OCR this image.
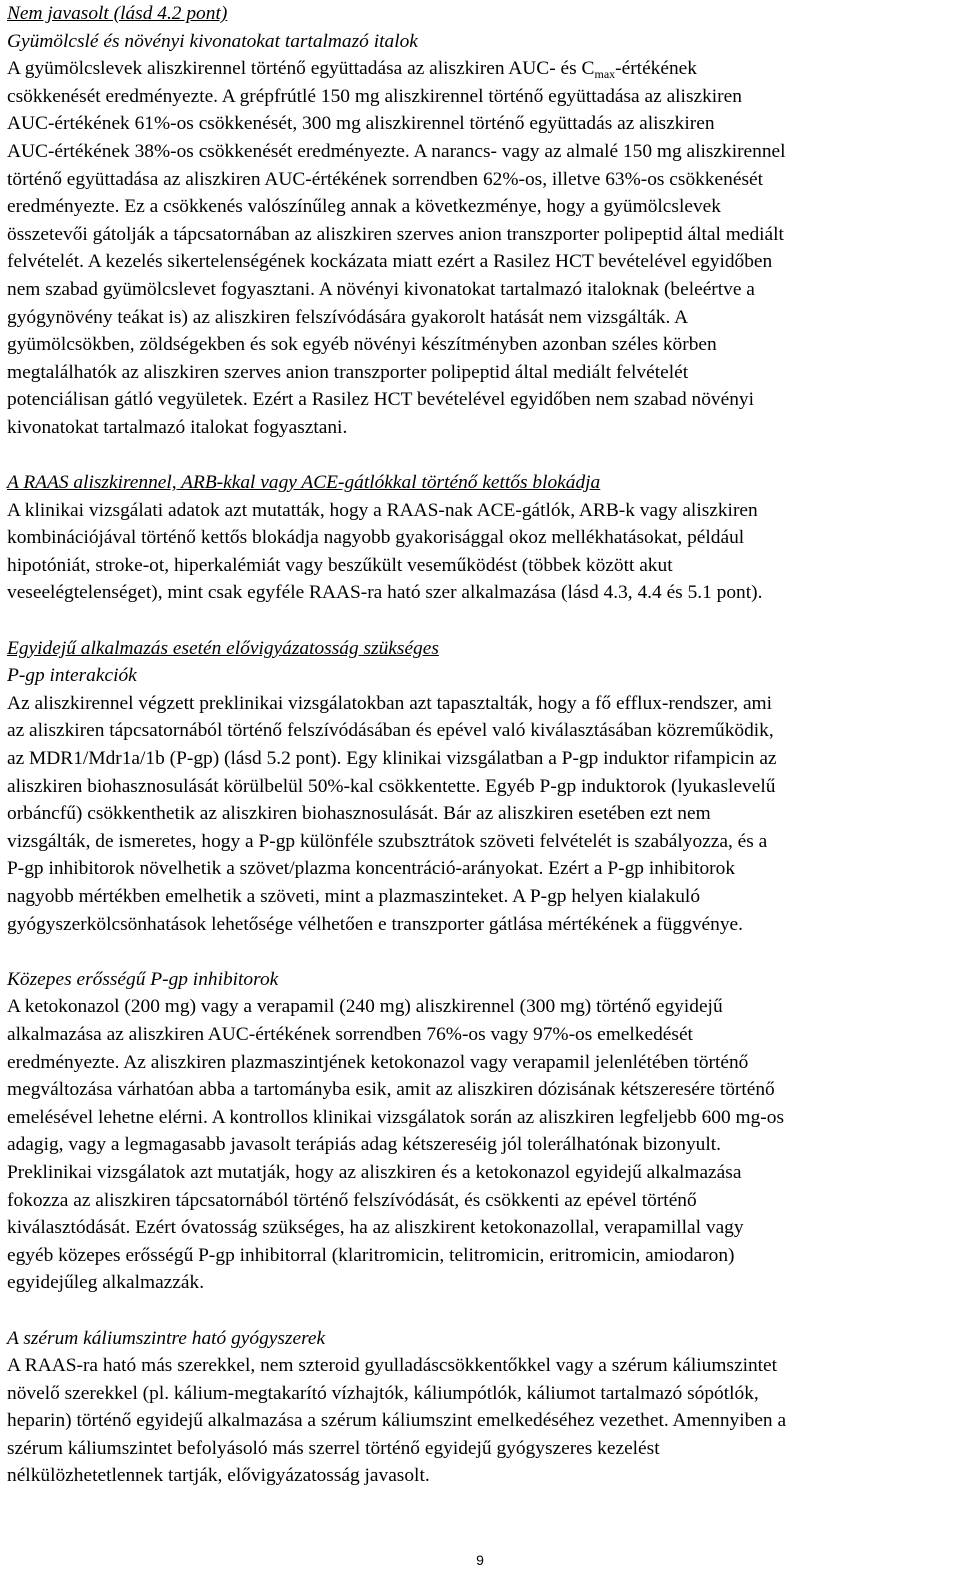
Nem javasolt (lásd 4.2 pont)
Gyümölcslé és növényi kivonatokat tartalmazó italok
A gyümölcslevek aliszkirennel történő együttadása az aliszkiren AUC- és $C_{max}$-értékének
csökkenését eredményezte. A grépfrútlé 150 mg aliszkirennel történő együttadása az aliszkiren
AUC-értékének 61%-os csökkenését, 300 mg aliszkirennel történő együttadás az aliszkiren
AUC-értékének 38%-os csökkenését eredményezte. A narancs- vagy az almalé 150 mg aliszkirennel
történő együttadása az aliszkiren AUC-értékének sorrendben 62%-os, illetve 63%-os csökkenését
eredményezte. Ez a csökkenés valószínűleg annak a következménye, hogy a gyümölcslevek
összetevői gátolják a tápcsatornában az aliszkiren szerves anion transzporter polipeptid által mediált
felvételét. A kezelés sikertelenségének kockázata miatt ezért a Rasilez HCT bevételével egyidőben
nem szabad gyümölcslevet fogyasztani. A növényi kivonatokat tartalmazó italoknak (beleértve a
gyógynövény teákat is) az aliszkiren felszívódására gyakorolt hatását nem vizsgálták. A
gyümölcsökben, zöldségekben és sok egyéb növényi készítményben azonban széles körben
megtalálhatók az aliszkiren szerves anion transzporter polipeptid által mediált felvételét
potenciálisan gátló vegyületek. Ezért a Rasilez HCT bevételével egyidőben nem szabad növényi
kivonatokat tartalmazó italokat fogyasztani.
A RAAS aliszkirennel, ARB-kkal vagy ACE-gátlókkal történő kettős blokádja
A klinikai vizsgálati adatok azt mutatták, hogy a RAAS-nak ACE-gátlók, ARB-k vagy aliszkiren
kombinációjával történő kettős blokádja nagyobb gyakorisággal okoz mellékhatásokat, például
hipotóniát, stroke-ot, hiperkalémiát vagy beszűkült veseműködést (többek között akut
veseelégtelenséget), mint csak egyféle RAAS-ra ható szer alkalmazása (lásd 4.3, 4.4 és 5.1 pont).
Egyidejű alkalmazás esetén elővigyázatosság szükséges
P-gp interakciók
Az aliszkirennel végzett preklinikai vizsgálatokban azt tapasztalták, hogy a fő efflux-rendszer, ami
az aliszkiren tápcsatornából történő felszívódásában és epével való kiválasztásában közreműködik,
az MDR1/Mdr1a/1b (P-gp) (lásd 5.2 pont). Egy klinikai vizsgálatban a P-gp induktor rifampicin az
aliszkiren biohasznosulását körülbelül 50%-kal csökkentette. Egyéb P-gp induktorok (lyukaslevelű
orbáncfű) csökkenthetik az aliszkiren biohasznosulását. Bár az aliszkiren esetében ezt nem
vizsgálták, de ismeretes, hogy a P-gp különféle szubsztrátok szöveti felvételét is szabályozza, és a
P-gp inhibitorok növelhetik a szövet/plazma koncentráció-arányokat. Ezért a P-gp inhibitorok
nagyobb mértékben emelhetik a szöveti, mint a plazmaszinteket. A P-gp helyen kialakuló
gyógyszerkölcsönhatások lehetősége vélhetően e transzporter gátlása mértékének a függvénye.
Közepes erősségű P-gp inhibitorok
A ketokonazol (200 mg) vagy a verapamil (240 mg) aliszkirennel (300 mg) történő egyidejű
alkalmazása az aliszkiren AUC-értékének sorrendben 76%-os vagy 97%-os emelkedését
eredményezte. Az aliszkiren plazmaszintjének ketokonazol vagy verapamil jelenlétében történő
megváltozása várhatóan abba a tartományba esik, amit az aliszkiren dózisának kétszeresére történő
emelésével lehetne elérni. A kontrollos klinikai vizsgálatok során az aliszkiren legfeljebb 600 mg-os
adagig, vagy a legmagasabb javasolt terápiás adag kétszereséig jól tolerálhatónak bizonyult.
Preklinikai vizsgálatok azt mutatják, hogy az aliszkiren és a ketokonazol egyidejű alkalmazása
fokozza az aliszkiren tápcsatornából történő felszívódását, és csökkenti az epével történő
kiválasztódását. Ezért óvatosság szükséges, ha az aliszkirent ketokonazollal, verapamillal vagy
egyéb közepes erősségű P-gp inhibitorral (klaritromicin, telitromicin, eritromicin, amiodaron)
egyidejűleg alkalmazzák.
A szérum káliumszintre ható gyógyszerek
A RAAS-ra ható más szerekkel, nem szteroid gyulladáscsökkentőkkel vagy a szérum káliumszintet
növelő szerekkel (pl. kálium-megtakarító vízhajtók, káliumpótlók, káliumot tartalmazó sópótlók,
heparin) történő egyidejű alkalmazása a szérum káliumszint emelkedéséhez vezethet. Amennyiben a
szérum káliumszintet befolyásoló más szerrel történő egyidejű gyógyszeres kezelést
nélkülözhetetlennek tartják, elővigyázatosság javasolt.
9
